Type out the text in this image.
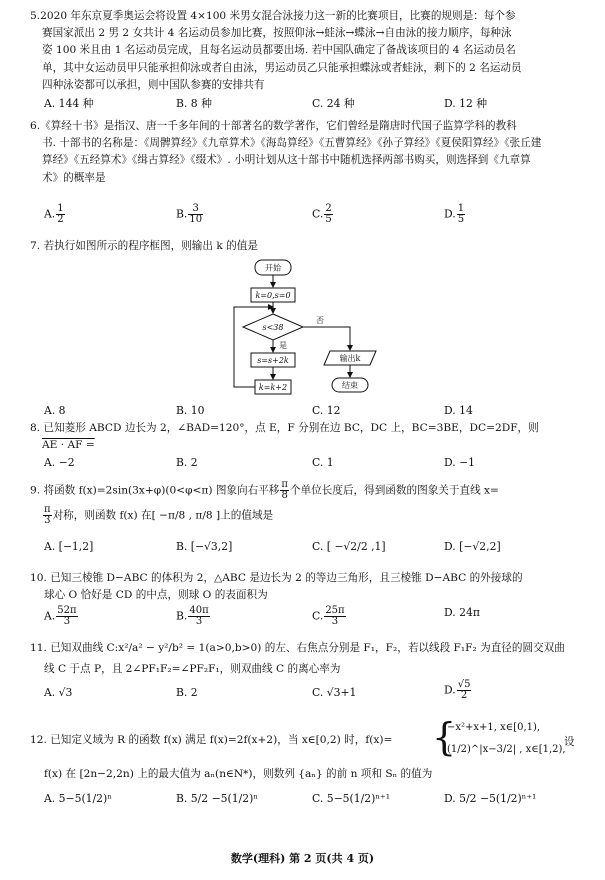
5.2020 年东京夏季奥运会将设置 4×100 米男女混合泳接力这一新的比赛项目，比赛的规则是：每个参

赛国家派出 2 男 2 女共计 4 名运动员参加比赛，按照仰泳→蛙泳→蝶泳→自由泳的接力顺序，每种泳

姿 100 米且由 1 名运动员完成，且每名运动员都要出场. 若中国队确定了备战该项目的 4 名运动员名

单，其中女运动员甲只能承担仰泳或者自由泳，男运动员乙只能承担蝶泳或者蛙泳，剩下的 2 名运动员

四种泳姿都可以承担，则中国队参赛的安排共有

A. 144 种	B. 8 种	C. 24 种	D. 12 种

6.《算经十书》是指汉、唐一千多年间的十部著名的数学著作，它们曾经是隋唐时代国子监算学科的教科

书. 十部书的名称是：《周髀算经》《九章算术》《海岛算经》《五曹算经》《孙子算经》《夏侯阳算经》《张丘建

算经》《五经算术》《缉古算经》《缀术》. 小明计划从这十部书中随机选择两部书购买，则选择到《九章算

术》的概率是

A. $\frac{1}{2}$	B. $\frac{3}{10}$	C. $\frac{2}{5}$	D. $\frac{1}{5}$

7. 若执行如图所示的程序框图，则输出 k 的值是

开始
k=0,s=0
s<38
否
是
s=s+2k
k=k+2
输出k
结束
A. 8	B. 10	C. 12	D. 14

8. 已知菱形 ABCD 边长为 2，∠BAD=120°，点 E，F 分别在边 BC，DC 上，BC=3BE，DC=2DF，则

AE · AF =

A. −2	B. 2	C. 1	D. −1

9. 将函数 f(x)=2sin(3x+φ)(0<φ<π) 图象向右平移 $\frac{\pi}{8}$ 个单位长度后，得到函数的图象关于直线 x=

$\frac{\pi}{3}$ 对称，则函数 f(x) 在[ −π/8 , π/8 ]上的值域是

A. [−1,2]	B. [−√3,2]	C. [ −√2/2 ,1]	D. [−√2,2]

10. 已知三棱锥 D−ABC 的体积为 2，△ABC 是边长为 2 的等边三角形，且三棱锥 D−ABC 的外接球的

球心 O 恰好是 CD 的中点，则球 O 的表面积为

A. $\frac{52\pi}{3}$	B. $\frac{40\pi}{3}$	C. $\frac{25\pi}{3}$	D. 24π

11. 已知双曲线 C:x²/a² − y²/b² = 1(a>0,b>0) 的左、右焦点分别是 F₁，F₂，若以线段 F₁F₂ 为直径的圆交双曲

线 C 于点 P，且 2∠PF₁F₂=∠PF₂F₁，则双曲线 C 的离心率为

A. √3	B. 2	C. √3+1	D. $\frac{√5}{2}$

12. 已知定义域为 R 的函数 f(x) 满足 f(x)=2f(x+2)，当 x∈[0,2) 时，f(x)=	{
−x²+x+1, x∈[0,1),
(1/2)^|x−3/2| , x∈[1,2),
设

f(x) 在 [2n−2,2n) 上的最大值为 aₙ(n∈N*)，则数列 {aₙ} 的前 n 项和 Sₙ 的值为

A. 5−5(1/2)ⁿ	B. 5/2 −5(1/2)ⁿ	C. 5−5(1/2)ⁿ⁺¹	D. 5/2 −5(1/2)ⁿ⁺¹
数学(理科) 第 2 页(共 4 页)
